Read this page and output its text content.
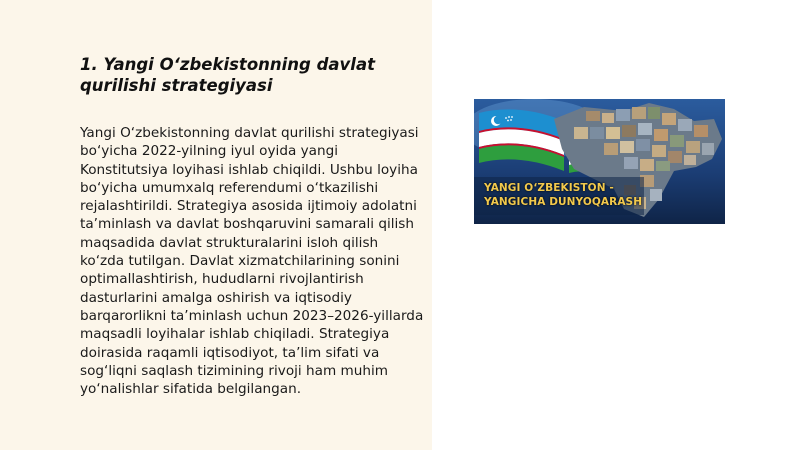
1. Yangi O‘zbekistonning davlat qurilishi strategiyasi

Yangi O‘zbekistonning davlat qurilishi strategiyasi bo‘yicha 2022-yilning iyul oyida yangi Konstitutsiya loyihasi ishlab chiqildi. Ushbu loyiha bo‘yicha umumxalq referendumi o‘tkazilishi rejalashtirildi. Strategiya asosida ijtimoiy adolatni ta’minlash va davlat boshqaruvini samarali qilish maqsadida davlat strukturalarini isloh qilish ko‘zda tutilgan. Davlat xizmatchilarining sonini optimallashtirish, hududlarni rivojlantirish dasturlarini amalga oshirish va iqtisodiy barqarorlikni ta’minlash uchun 2023–2026-yillarda maqsadli loyihalar ishlab chiqiladi. Strategiya doirasida raqamli iqtisodiyot, ta’lim sifati va sog‘liqni saqlash tizimining rivoji ham muhim yo‘nalishlar sifatida belgilangan.

YANGI O‘ZBEKISTON -
YANGICHA DUNYOQARASH
